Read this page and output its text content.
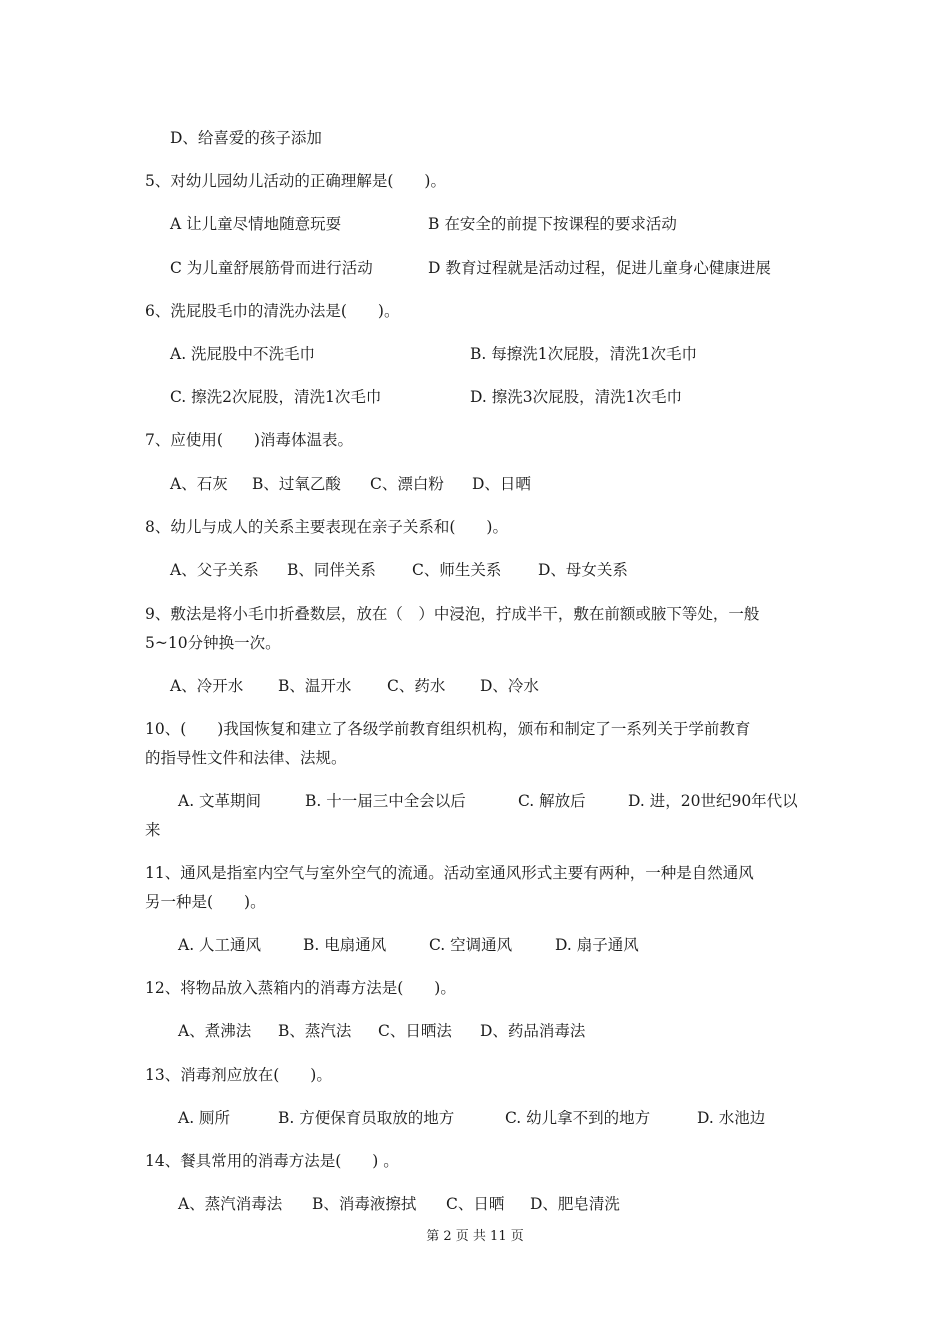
D、给喜爱的孩子添加
5、对幼儿园幼儿活动的正确理解是(　　)。
A 让儿童尽情地随意玩耍	B 在安全的前提下按课程的要求活动
C 为儿童舒展筋骨而进行活动	D 教育过程就是活动过程，促进儿童身心健康进展
6、洗屁股毛巾的清洗办法是(　　)。
A. 洗屁股中不洗毛巾	B. 每擦洗1次屁股，清洗1次毛巾
C. 擦洗2次屁股，清洗1次毛巾	D. 擦洗3次屁股，清洗1次毛巾
7、应使用(　　)消毒体温表。

A、石灰

B、过氧乙酸

C、漂白粉

D、日晒

8、幼儿与成人的关系主要表现在亲子关系和(　　)。

A、父子关系

B、同伴关系

C、师生关系

D、母女关系

9、敷法是将小毛巾折叠数层，放在（　）中浸泡，拧成半干，敷在前额或腋下等处，一般
5~10分钟换一次。

A、冷开水

B、温开水

C、药水

D、冷水

10、(　　)我国恢复和建立了各级学前教育组织机构，颁布和制定了一系列关于学前教育
的指导性文件和法律、法规。

A. 文革期间

	B. 十一届三中全会以后

	C. 解放后

	D. 进，20世纪90年代以

来
11、通风是指室内空气与室外空气的流通。活动室通风形式主要有两种，一种是自然通风
另一种是(　　)。

A. 人工通风

	B. 电扇通风

	C. 空调通风

	D. 扇子通风

12、将物品放入蒸箱内的消毒方法是(　　)。

A、煮沸法

B、蒸汽法

C、日晒法

D、药品消毒法

13、消毒剂应放在(　　)。

A. 厕所

	B. 方便保育员取放的地方

	C. 幼儿拿不到的地方

	D. 水池边

14、餐具常用的消毒方法是(　　) 。

A、蒸汽消毒法

B、消毒液擦拭

C、日晒

D、肥皂清洗

第 2 页 共 11 页
